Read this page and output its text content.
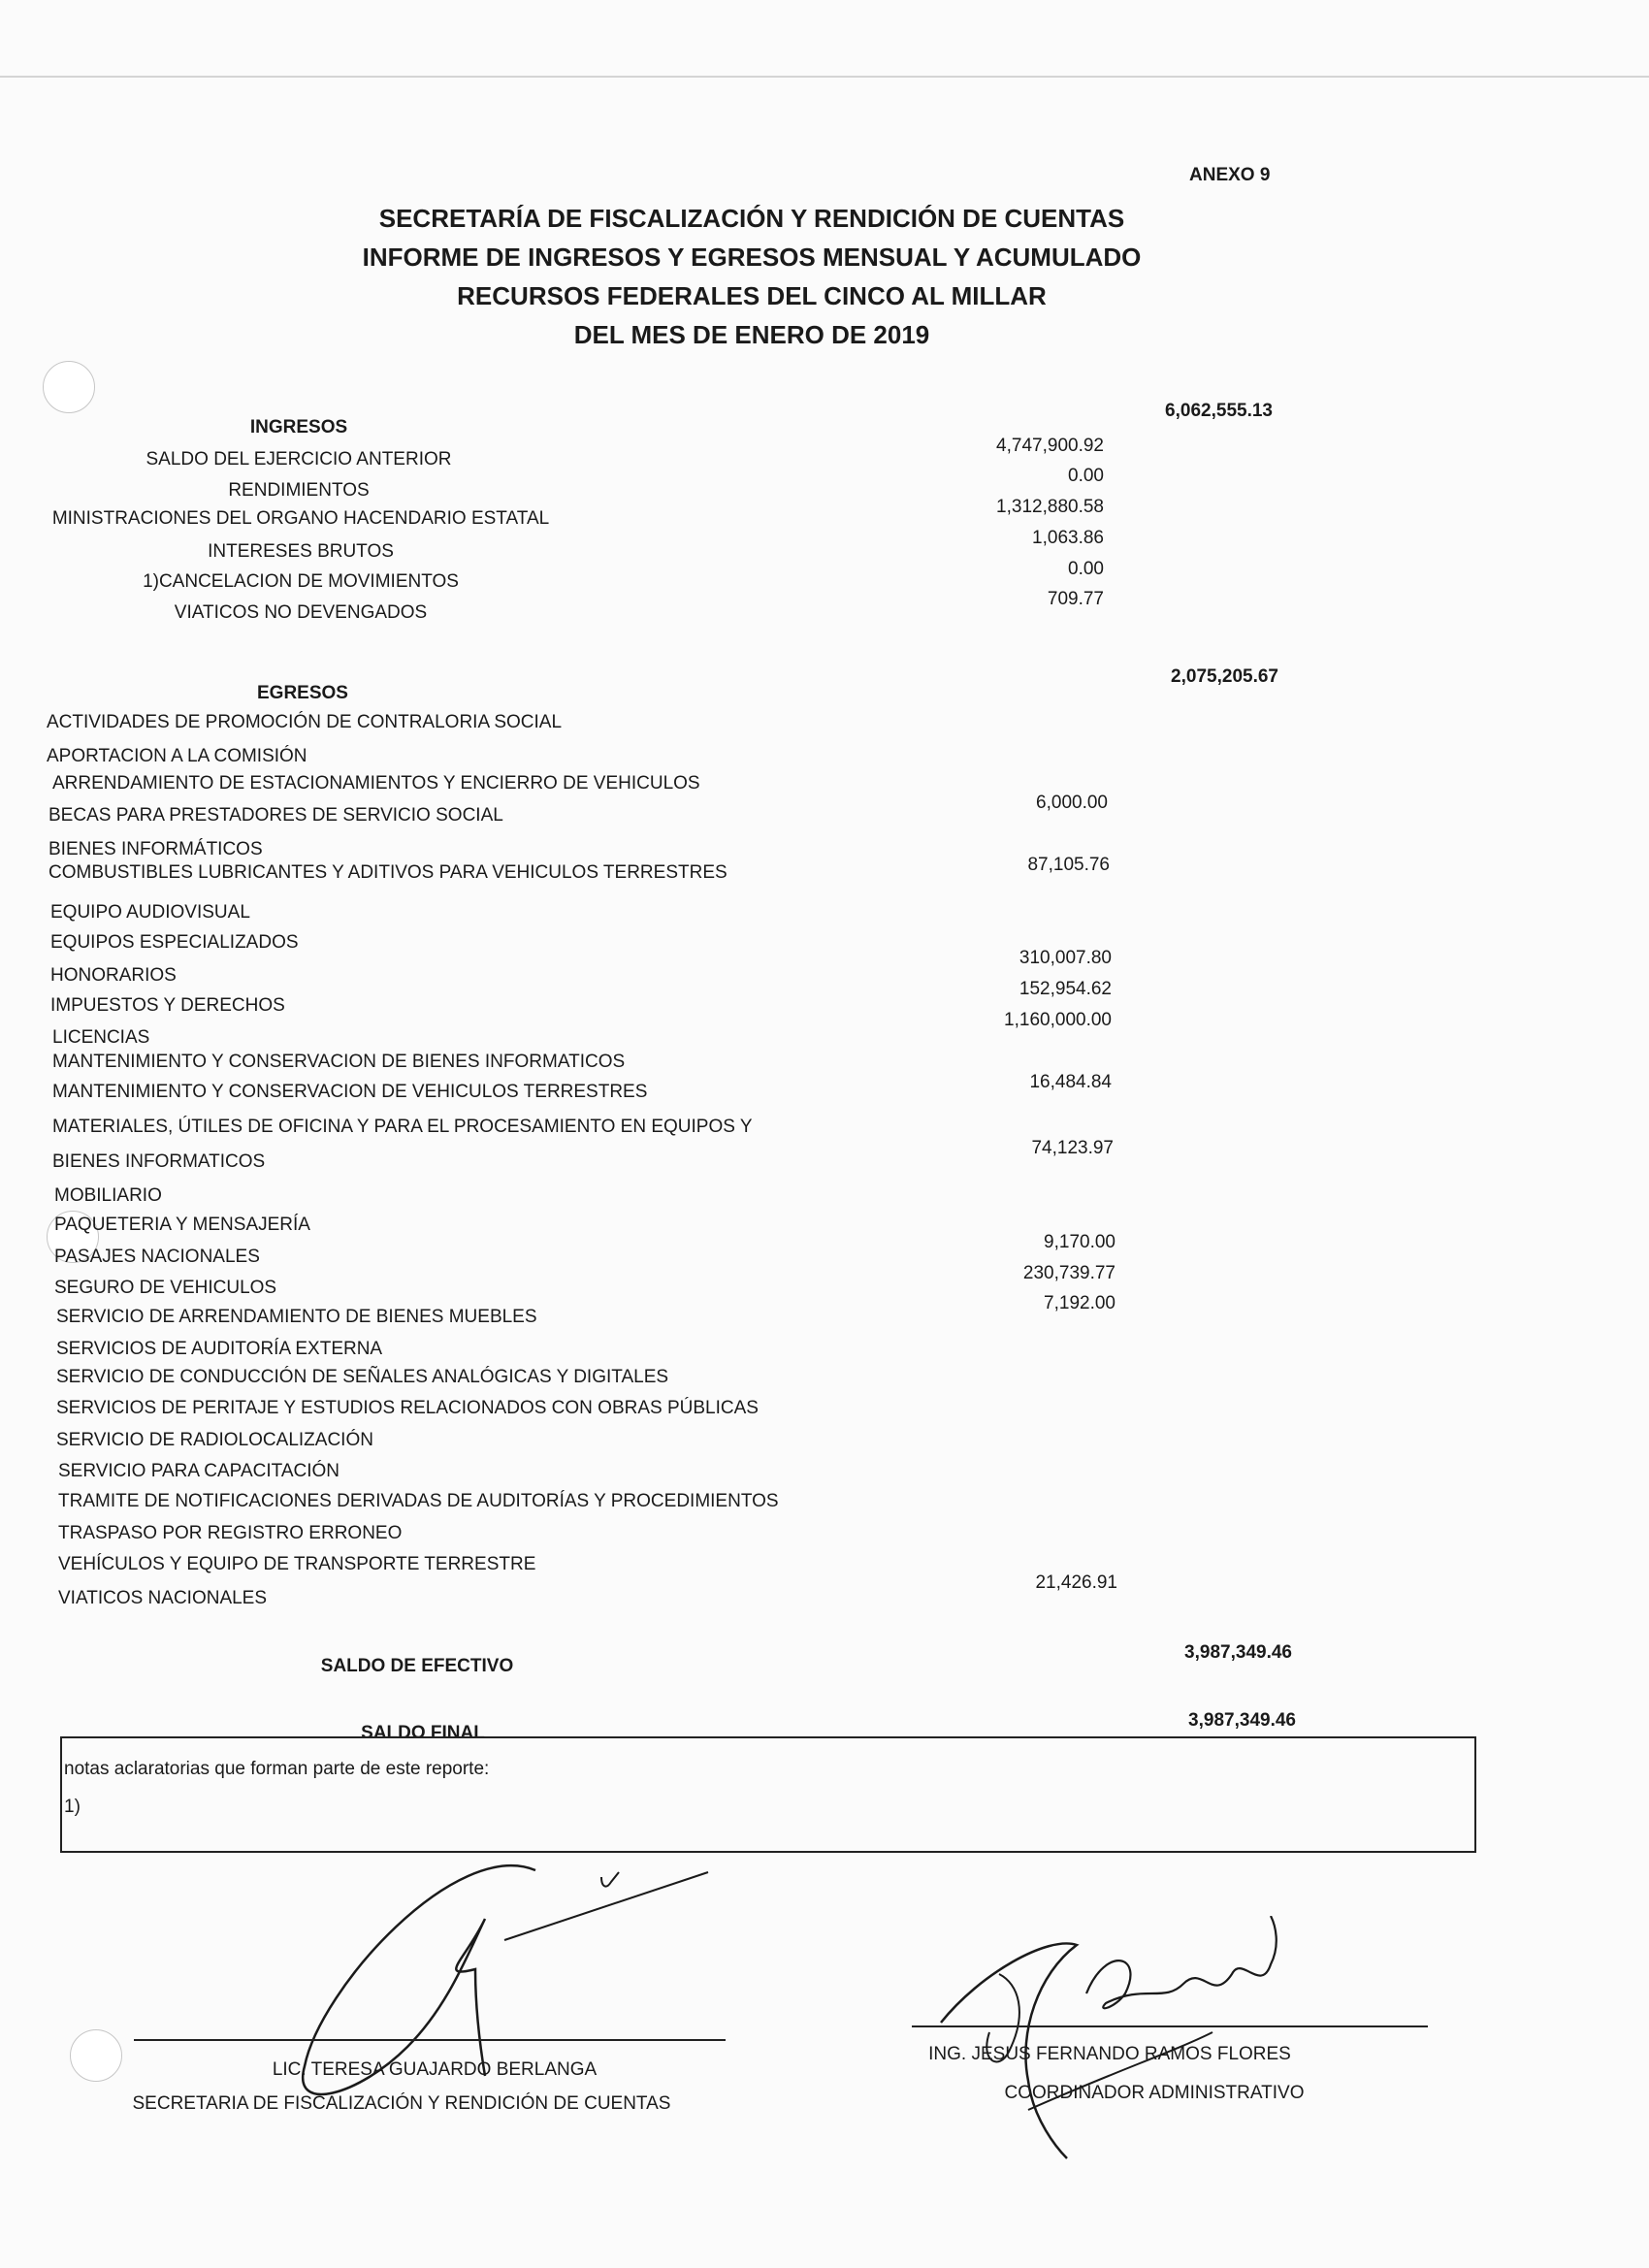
ANEXO 9
SECRETARÍA DE FISCALIZACIÓN Y RENDICIÓN DE CUENTAS
INFORME DE INGRESOS Y EGRESOS MENSUAL Y ACUMULADO
RECURSOS FEDERALES DEL CINCO AL MILLAR
DEL MES DE ENERO DE 2019
6,062,555.13
INGRESOS
SALDO DEL EJERCICIO ANTERIOR
4,747,900.92
RENDIMIENTOS
0.00
MINISTRACIONES DEL ORGANO HACENDARIO ESTATAL
1,312,880.58
INTERESES BRUTOS
1,063.86
1)CANCELACION DE MOVIMIENTOS
0.00
VIATICOS NO DEVENGADOS
709.77
2,075,205.67
EGRESOS
ACTIVIDADES DE PROMOCIÓN DE CONTRALORIA SOCIAL
APORTACION A LA COMISIÓN
ARRENDAMIENTO DE ESTACIONAMIENTOS Y ENCIERRO DE VEHICULOS
BECAS PARA PRESTADORES DE SERVICIO SOCIAL
6,000.00
BIENES INFORMÁTICOS
COMBUSTIBLES LUBRICANTES Y ADITIVOS PARA VEHICULOS TERRESTRES	87,105.76
EQUIPO AUDIOVISUAL
EQUIPOS ESPECIALIZADOS
HONORARIOS
310,007.80
IMPUESTOS Y DERECHOS
152,954.62
LICENCIAS
1,160,000.00
MANTENIMIENTO Y CONSERVACION DE BIENES INFORMATICOS
MANTENIMIENTO Y CONSERVACION DE VEHICULOS TERRESTRES	16,484.84
MATERIALES, ÚTILES DE OFICINA Y PARA EL PROCESAMIENTO EN EQUIPOS Y
BIENES INFORMATICOS
74,123.97
MOBILIARIO
PAQUETERIA Y MENSAJERÍA
PASAJES NACIONALES
9,170.00
SEGURO DE VEHICULOS
230,739.77
SERVICIO DE ARRENDAMIENTO DE BIENES MUEBLES
7,192.00
SERVICIOS DE AUDITORÍA EXTERNA
SERVICIO DE CONDUCCIÓN DE SEÑALES ANALÓGICAS Y DIGITALES
SERVICIOS DE PERITAJE Y ESTUDIOS RELACIONADOS CON OBRAS PÚBLICAS
SERVICIO DE RADIOLOCALIZACIÓN
SERVICIO PARA CAPACITACIÓN
TRAMITE DE NOTIFICACIONES DERIVADAS DE AUDITORÍAS Y PROCEDIMIENTOS
TRASPASO POR REGISTRO ERRONEO
VEHÍCULOS Y EQUIPO DE TRANSPORTE TERRESTRE
VIATICOS NACIONALES
21,426.91
SALDO DE EFECTIVO
3,987,349.46
SALDO FINAL
3,987,349.46
notas aclaratorias que forman parte de este reporte:
1)
LIC. TERESA GUAJARDO BERLANGA
SECRETARIA DE FISCALIZACIÓN Y RENDICIÓN DE CUENTAS
ING. JESUS FERNANDO RAMOS FLORES
COORDINADOR ADMINISTRATIVO
